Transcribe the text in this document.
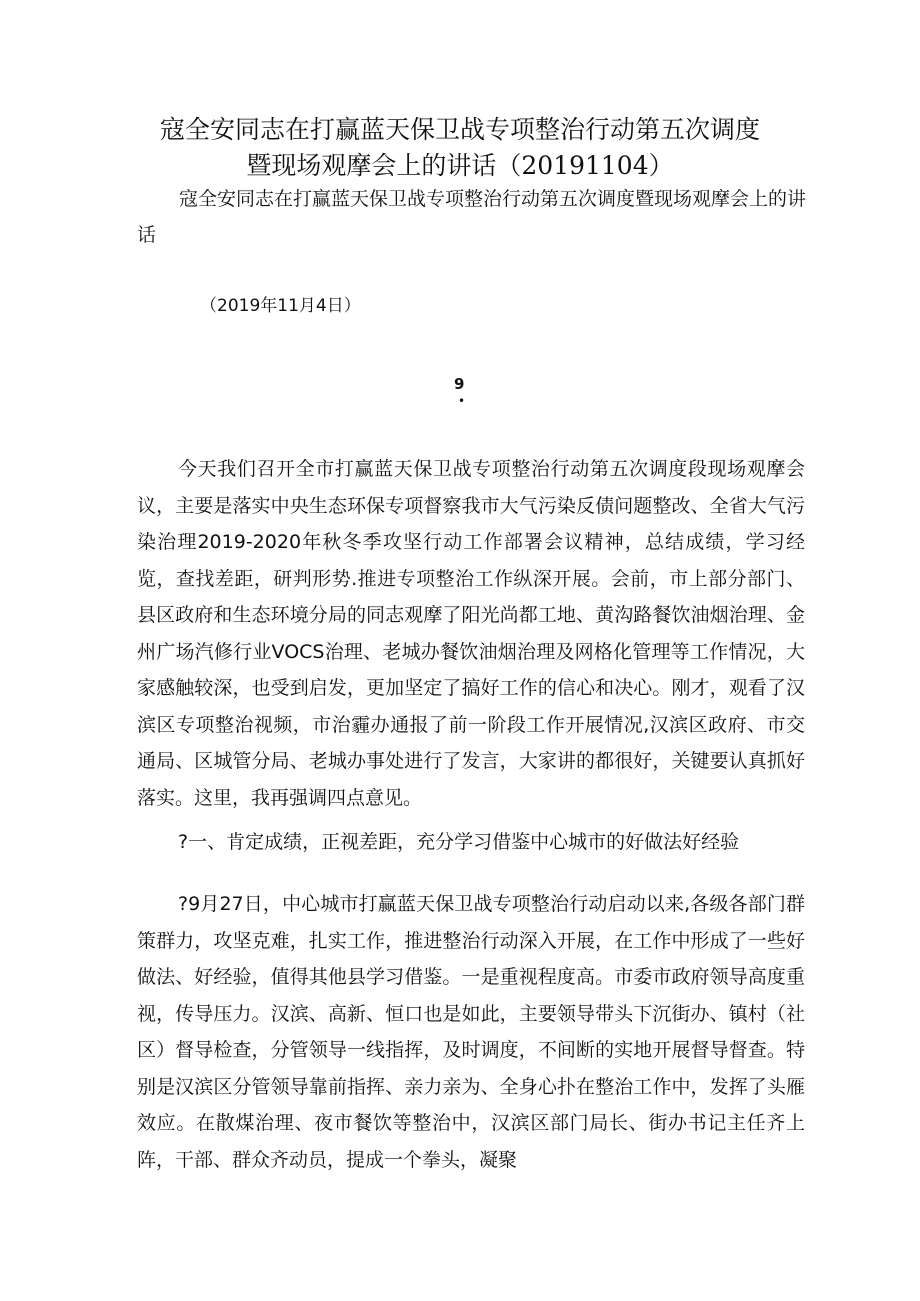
寇全安同志在打赢蓝天保卫战专项整治行动第五次调度暨现场观摩会上的讲话（20191104）

寇全安同志在打赢蓝天保卫战专项整治行动第五次调度暨现场观摩会上的讲话

（2019年11月4日）

9

•

今天我们召开全市打赢蓝天保卫战专项整治行动第五次调度段现场观摩会议，主要是落实中央生态环保专项督察我市大气污染反债问题整改、全省大气污染治理2019-2020年秋冬季攻坚行动工作部署会议精神，总结成绩，学习经览，查找差距，研判形势.推进专项整治工作纵深开展。会前，市上部分部门、县区政府和生态环境分局的同志观摩了阳光尚都工地、黄沟路餐饮油烟治理、金州广场汽修行业VOCS治理、老城办餐饮油烟治理及网格化管理等工作情况，大家感触较深，也受到启发，更加坚定了搞好工作的信心和决心。刚才，观看了汉滨区专项整治视频，市治霾办通报了前一阶段工作开展情况,汉滨区政府、市交通局、区城管分局、老城办事处进行了发言，大家讲的都很好，关键要认真抓好落实。这里，我再强调四点意见。

?一、肯定成绩，正视差距，充分学习借鉴中心城市的好做法好经验

?9月27日，中心城市打赢蓝天保卫战专项整治行动启动以来,各级各部门群策群力，攻坚克难，扎实工作，推进整治行动深入开展，在工作中形成了一些好做法、好经验，值得其他县学习借鉴。一是重视程度高。市委市政府领导高度重视，传导压力。汉滨、高新、恒口也是如此，主要领导带头下沉街办、镇村（社区）督导检查，分管领导一线指挥，及时调度，不间断的实地开展督导督查。特别是汉滨区分管领导靠前指挥、亲力亲为、全身心扑在整治工作中，发挥了头雁效应。在散煤治理、夜市餐饮等整治中，汉滨区部门局长、街办书记主任齐上阵，干部、群众齐动员，提成一个拳头，凝聚
